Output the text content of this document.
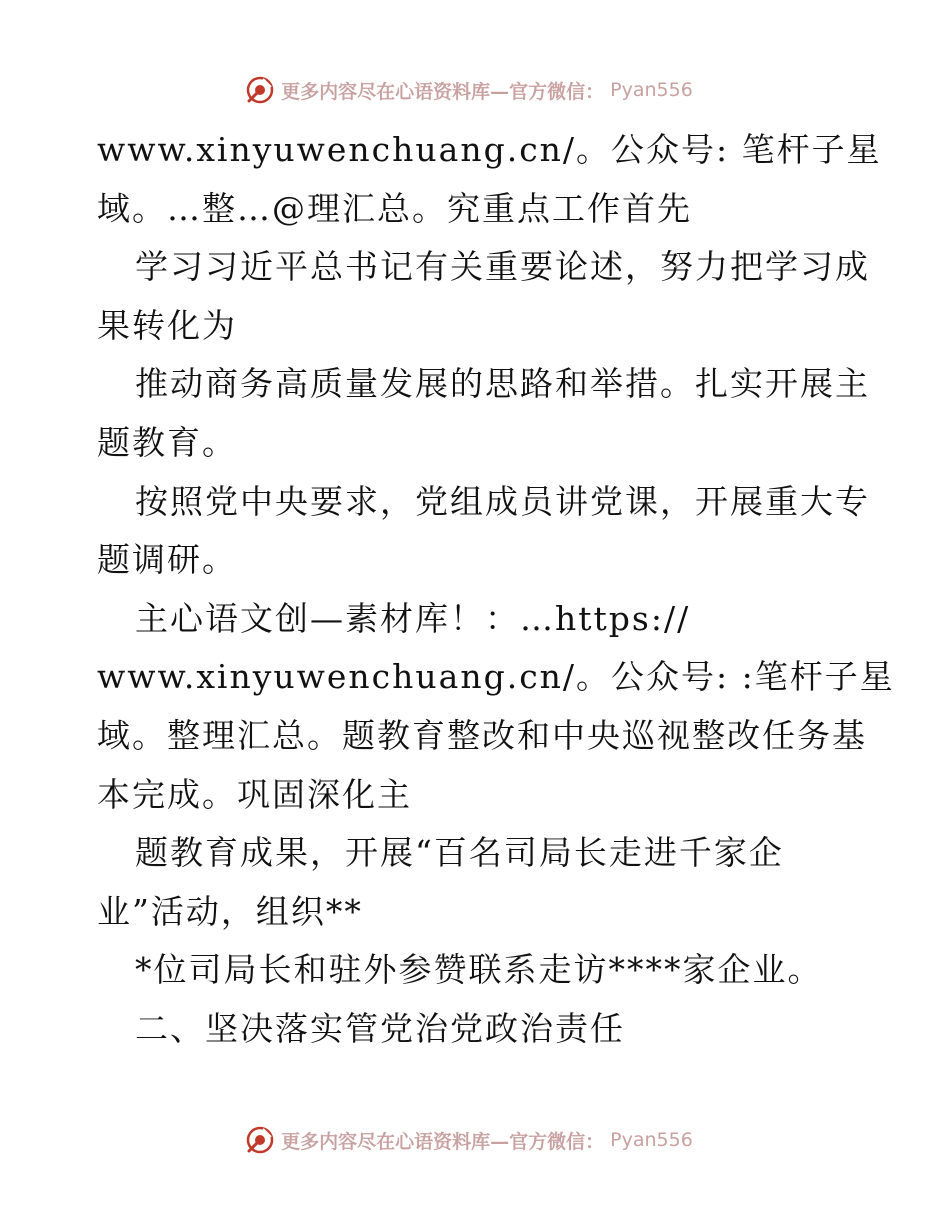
更多内容尽在心语资料库—官方微信： Pyan556
www.xinyuwenchuang.cn/。公众号: 笔杆子星
域。…整…@理汇总。究重点工作首先
学习习近平总书记有关重要论述，努力把学习成
果转化为
推动商务高质量发展的思路和举措。扎实开展主
题教育。
按照党中央要求，党组成员讲党课，开展重大专
题调研。
主心语文创—素材库！：…https://
www.xinyuwenchuang.cn/。公众号: :笔杆子星
域。整理汇总。题教育整改和中央巡视整改任务基
本完成。巩固深化主
题教育成果，开展“百名司局长走进千家企
业”活动，组织**
*位司局长和驻外参赞联系走访****家企业。
二、坚决落实管党治党政治责任
更多内容尽在心语资料库—官方微信： Pyan556
